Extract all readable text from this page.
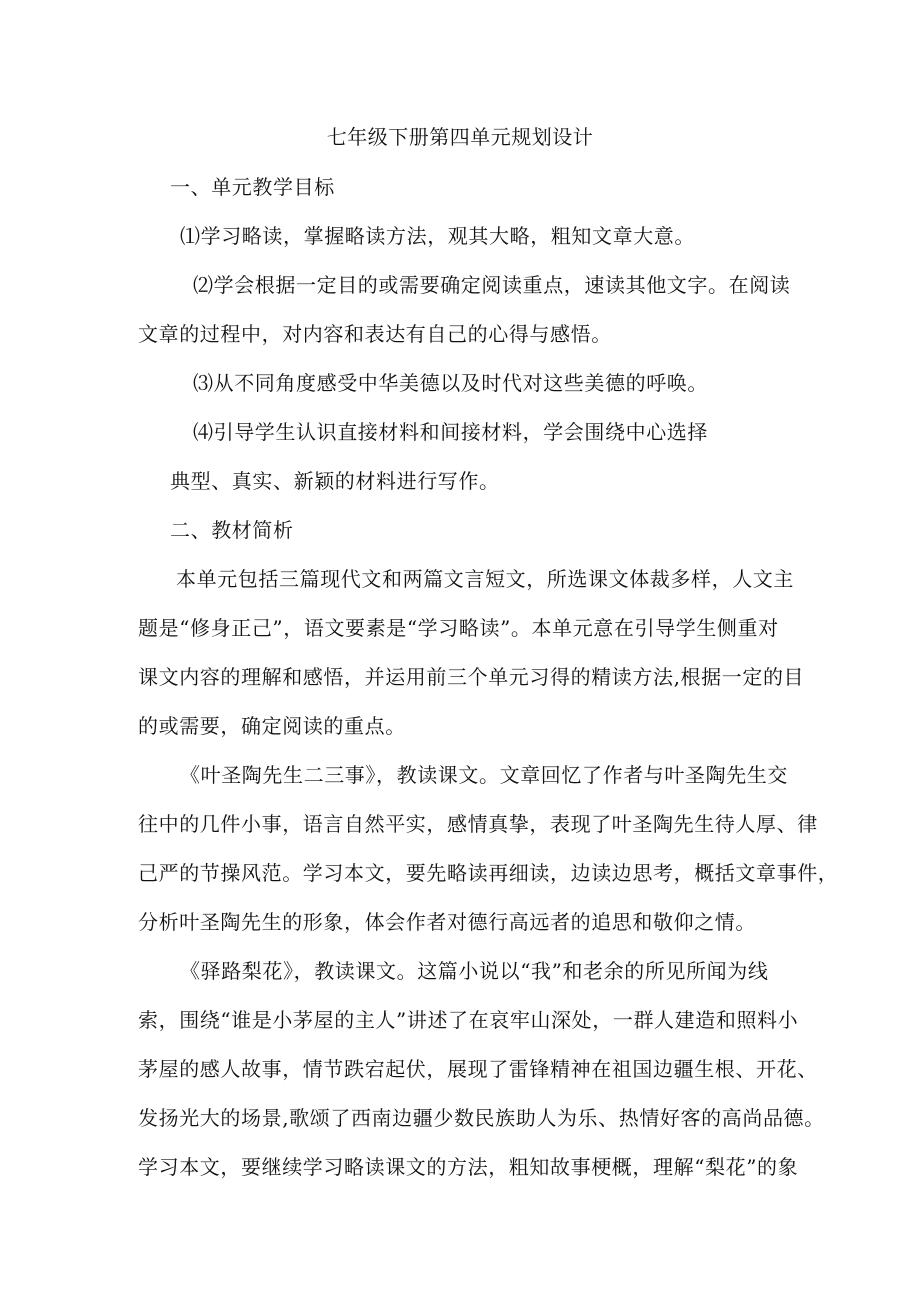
七年级下册第四单元规划设计
一、单元教学目标
⑴学习略读，掌握略读方法，观其大略，粗知文章大意。
⑵学会根据一定目的或需要确定阅读重点，速读其他文字。在阅读
文章的过程中，对内容和表达有自己的心得与感悟。
⑶从不同角度感受中华美德以及时代对这些美德的呼唤。
⑷引导学生认识直接材料和间接材料，学会围绕中心选择
典型、真实、新颖的材料进行写作。
二、教材简析
本单元包括三篇现代文和两篇文言短文，所选课文体裁多样，人文主
题是“修身正己”，语文要素是“学习略读”。本单元意在引导学生侧重对
课文内容的理解和感悟，并运用前三个单元习得的精读方法,根据一定的目
的或需要，确定阅读的重点。
《叶圣陶先生二三事》，教读课文。文章回忆了作者与叶圣陶先生交
往中的几件小事，语言自然平实，感情真挚，表现了叶圣陶先生待人厚、律
己严的节操风范。学习本文，要先略读再细读，边读边思考，概括文章事件，
分析叶圣陶先生的形象，体会作者对德行高远者的追思和敬仰之情。
《驿路梨花》，教读课文。这篇小说以“我”和老余的所见所闻为线
索，围绕“谁是小茅屋的主人”讲述了在哀牢山深处，一群人建造和照料小
茅屋的感人故事，情节跌宕起伏，展现了雷锋精神在祖国边疆生根、开花、
发扬光大的场景,歌颂了西南边疆少数民族助人为乐、热情好客的高尚品德。
学习本文，要继续学习略读课文的方法，粗知故事梗概，理解“梨花”的象
